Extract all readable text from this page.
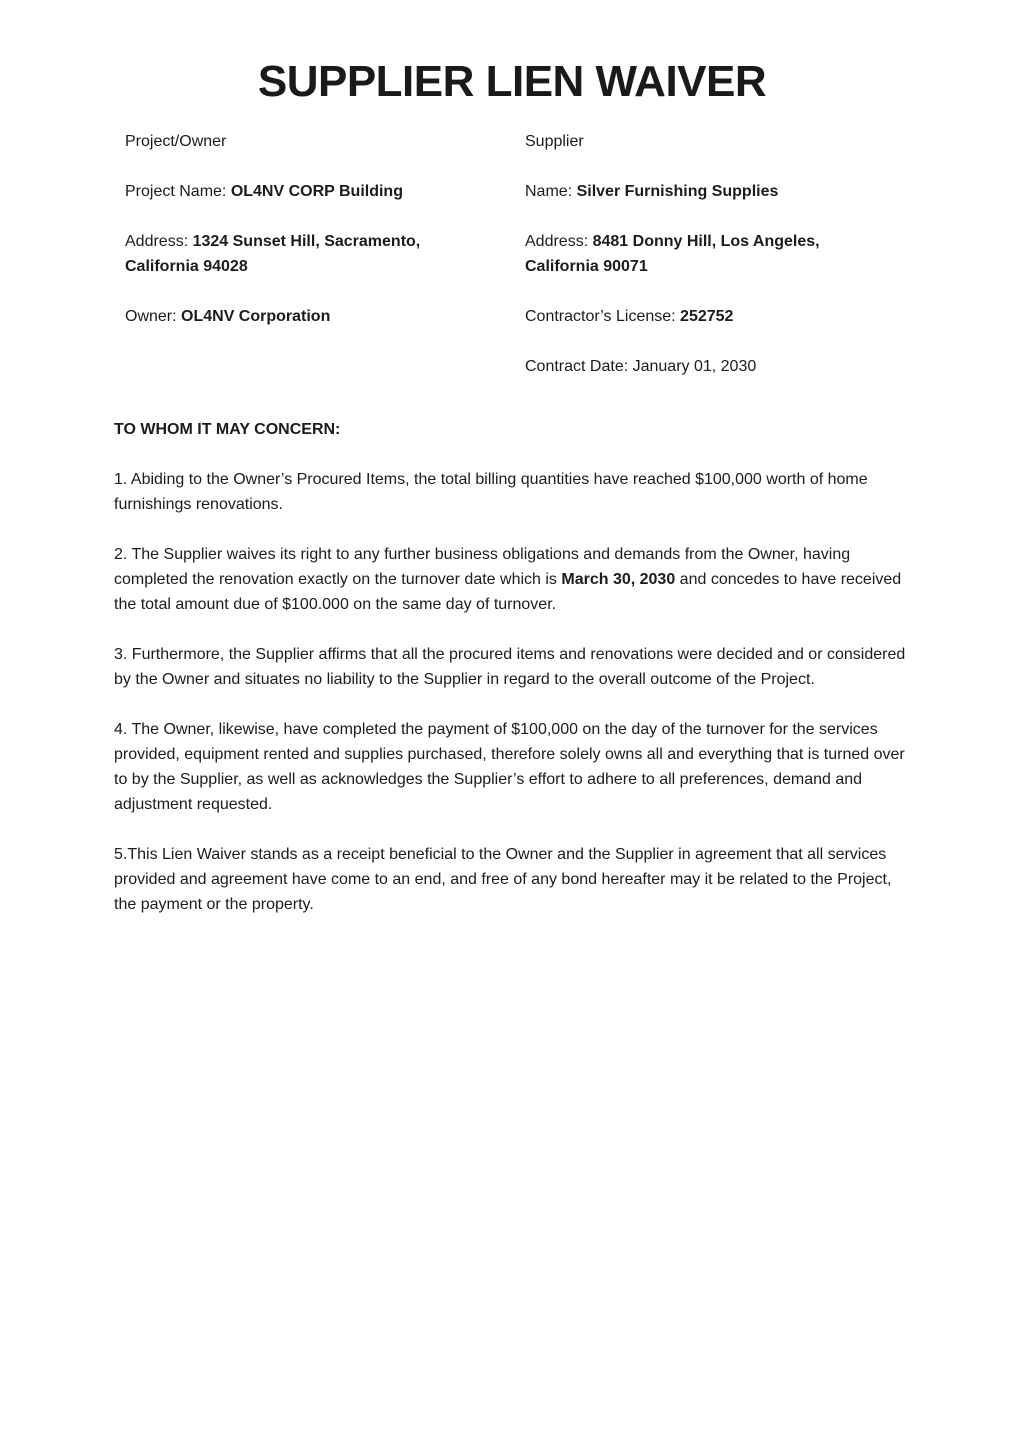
SUPPLIER LIEN WAIVER
Project/Owner
Project Name: OL4NV CORP Building
Address: 1324 Sunset Hill, Sacramento, California 94028
Owner: OL4NV Corporation
Supplier
Name: Silver Furnishing Supplies
Address: 8481 Donny Hill, Los Angeles, California 90071
Contractor’s License: 252752
Contract Date: January 01, 2030

TO WHOM IT MAY CONCERN:

1. Abiding to the Owner’s Procured Items, the total billing quantities have reached $100,000 worth of home furnishings renovations.

2. The Supplier waives its right to any further business obligations and demands from the Owner, having completed the renovation exactly on the turnover date which is March 30, 2030 and concedes to have received the total amount due of $100.000 on the same day of turnover.

3. Furthermore, the Supplier affirms that all the procured items and renovations were decided and or considered by the Owner and situates no liability to the Supplier in regard to the overall outcome of the Project.

4. The Owner, likewise, have completed the payment of $100,000 on the day of the turnover for the services provided, equipment rented and supplies purchased, therefore solely owns all and everything that is turned over to by the Supplier, as well as acknowledges the Supplier’s effort to adhere to all preferences, demand and adjustment requested.

5.This Lien Waiver stands as a receipt beneficial to the Owner and the Supplier in agreement that all services provided and agreement have come to an end, and free of any bond hereafter may it be related to the Project, the payment or the property.
